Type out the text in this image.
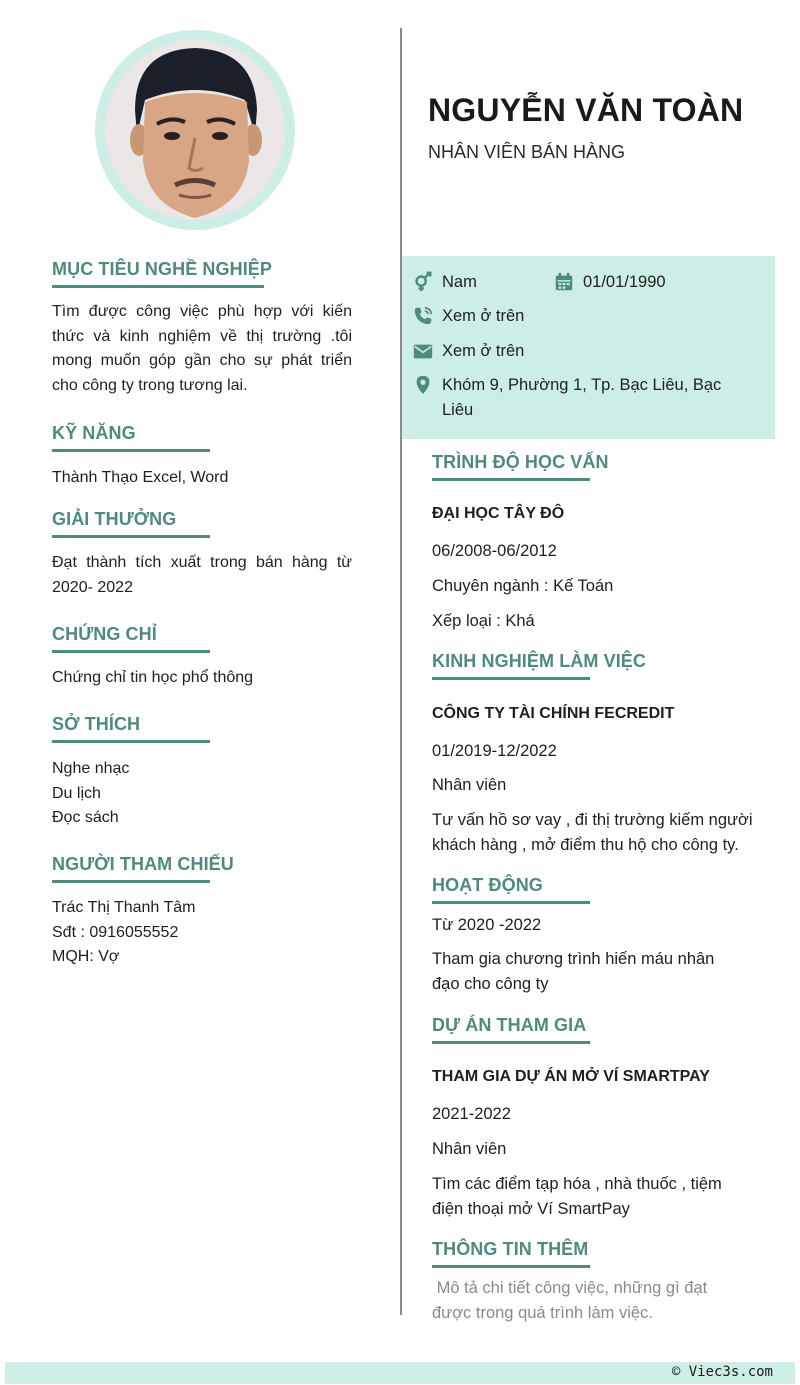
NGUYỄN VĂN TOÀN
NHÂN VIÊN BÁN HÀNG
Nam	01/01/1990
Xem ở trên
Xem ở trên
Khóm 9, Phường 1, Tp. Bạc Liêu, Bạc
Liêu
MỤC TIÊU NGHỀ NGHIỆP
Tìm được công việc phù hợp với kiến
thức và kinh nghiệm về thị trường .tôi
mong muốn góp gần cho sự phát triển
cho công ty trong tương lai.
KỸ NĂNG
Thành Thạo Excel, Word
GIẢI THƯỞNG
Đạt thành tích xuất trong bán hàng từ
2020- 2022
CHỨNG CHỈ
Chứng chỉ tin học phổ thông
SỞ THÍCH
Nghe nhạc
Du lịch
Đọc sách
NGƯỜI THAM CHIẾU
Trác Thị Thanh Tâm
Sđt : 0916055552
MQH: Vợ
TRÌNH ĐỘ HỌC VẤN
ĐẠI HỌC TÂY ĐÔ
06/2008-06/2012
Chuyên ngành : Kế Toán
Xếp loại : Khá
KINH NGHIỆM LÀM VIỆC
CÔNG TY TÀI CHÍNH FECREDIT
01/2019-12/2022
Nhân viên
Tư vấn hồ sơ vay , đi thị trường kiếm người
khách hàng , mở điểm thu hộ cho công ty.
HOẠT ĐỘNG
Từ 2020 -2022
Tham gia chương trình hiến máu nhân
đạo cho công ty
DỰ ÁN THAM GIA
THAM GIA DỰ ÁN MỞ VÍ SMARTPAY
2021-2022
Nhân viên
Tìm các điểm tạp hóa , nhà thuốc , tiệm
điện thoại mở Ví SmartPay
THÔNG TIN THÊM
Mô tả chi tiết công việc, những gì đạt
được trong quá trình làm việc.
© Viec3s.com
